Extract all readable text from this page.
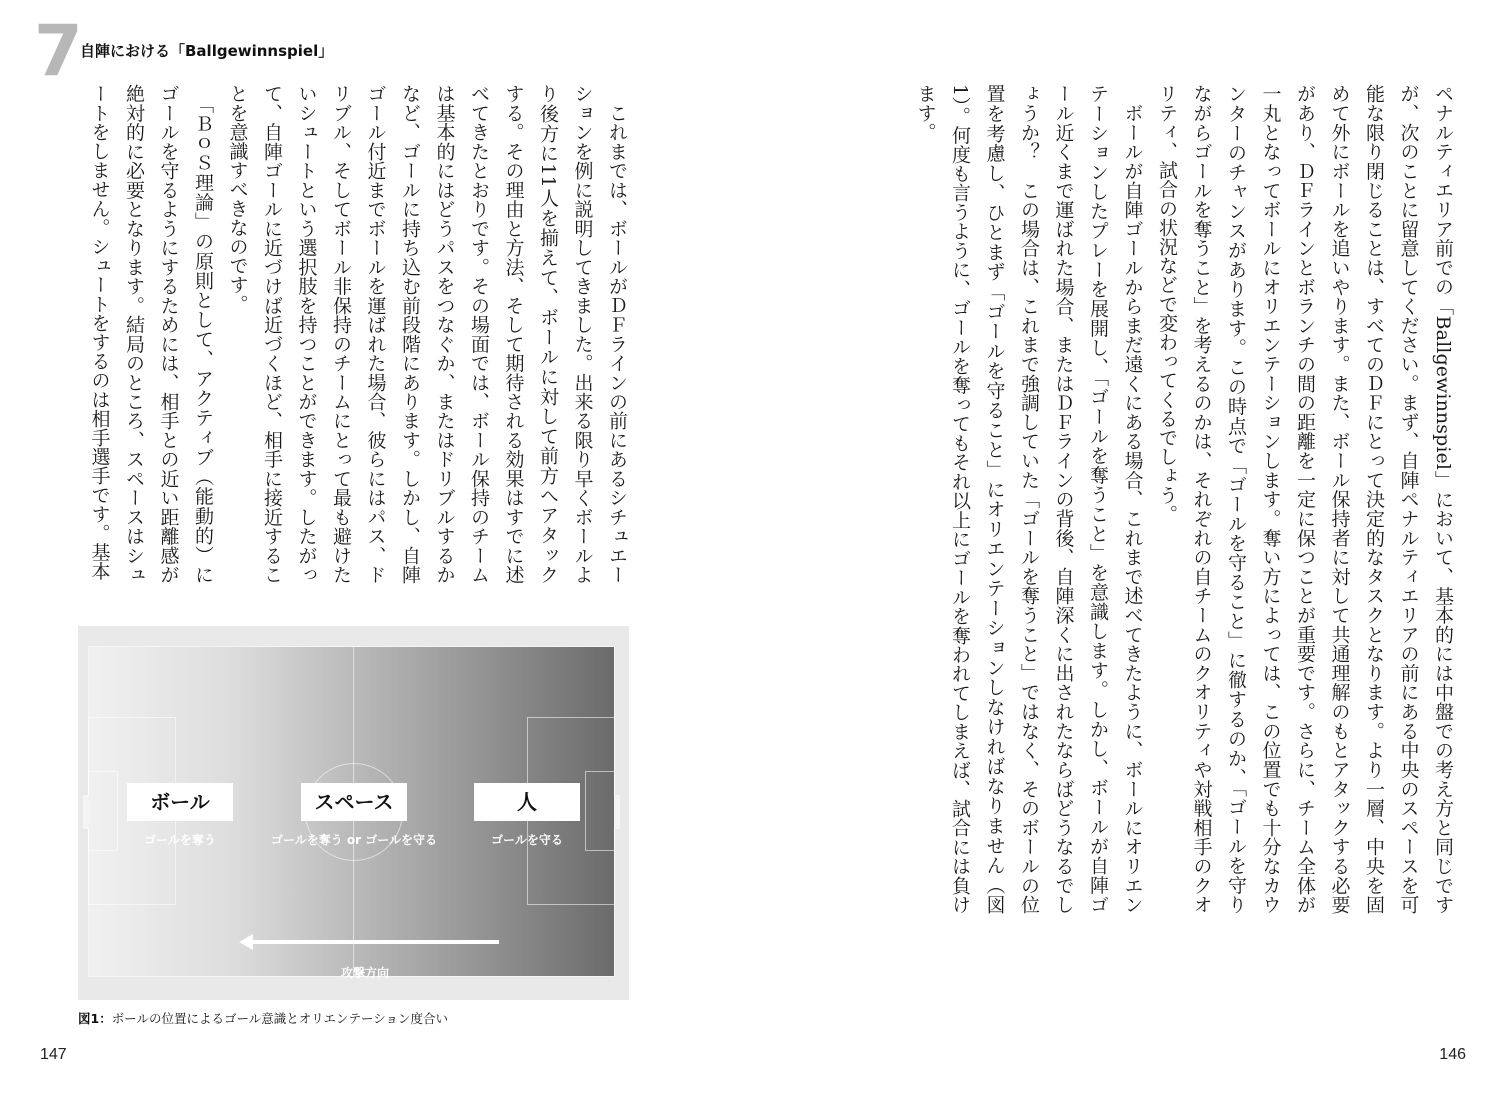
7 自陣における「Ballgewinnspiel」
　これまでは、ボールがＤＦラインの前にあるシチュエーションを例に説明してきました。出来る限り早くボールより後方に11人を揃えて、ボールに対して前方へアタックする。その理由と方法、そして期待される効果はすでに述べてきたとおりです。その場面では、ボール保持のチームは基本的にはどうパスをつなぐか、またはドリブルするかなど、ゴールに持ち込む前段階にあります。しかし、自陣ゴール付近までボールを運ばれた場合、彼らにはパス、ドリブル、そしてボール非保持のチームにとって最も避けたいシュートという選択肢を持つことができます。したがって、自陣ゴールに近づけば近づくほど、相手に接近することを意識すべきなのです。
　「ＢｏＳ理論」の原則として、アクティブ（能動的）にゴールを守るようにするためには、相手との近い距離感が絶対的に必要となります。結局のところ、スペースはシュートをしません。シュートをするのは相手選手です。基本
ボール
ゴールを奪う
スペース
ゴールを奪う or ゴールを守る
人
ゴールを守る
攻撃方向
図1：ボールの位置によるゴール意識とオリエンテーション度合い
147
ペナルティエリア前での「Ballgewinnspiel」において、基本的には中盤での考え方と同じですが、次のことに留意してください。まず、自陣ペナルティエリアの前にある中央のスペースを可能な限り閉じることは、すべてのＤＦにとって決定的なタスクとなります。より一層、中央を固めて外にボールを追いやります。また、ボール保持者に対して共通理解のもとアタックする必要があり、ＤＦラインとボランチの間の距離を一定に保つことが重要です。さらに、チーム全体が一丸となってボールにオリエンテーションします。奪い方によっては、この位置でも十分なカウンターのチャンスがあります。この時点で「ゴールを守ること」に徹するのか、「ゴールを守りながらゴールを奪うこと」を考えるのかは、それぞれの自チームのクオリティや対戦相手のクオリティ、試合の状況などで変わってくるでしょう。
　ボールが自陣ゴールからまだ遠くにある場合、これまで述べてきたように、ボールにオリエンテーションしたプレーを展開し、「ゴールを奪うこと」を意識します。しかし、ボールが自陣ゴール近くまで運ばれた場合、またはＤＦラインの背後、自陣深くに出されたならばどうなるでしょうか？　この場合は、これまで強調していた「ゴールを奪うこと」ではなく、そのボールの位置を考慮し、ひとまず「ゴールを守ること」にオリエンテーションしなければなりません（図1）。何度も言うように、ゴールを奪ってもそれ以上にゴールを奪われてしまえば、試合には負けます。
146
